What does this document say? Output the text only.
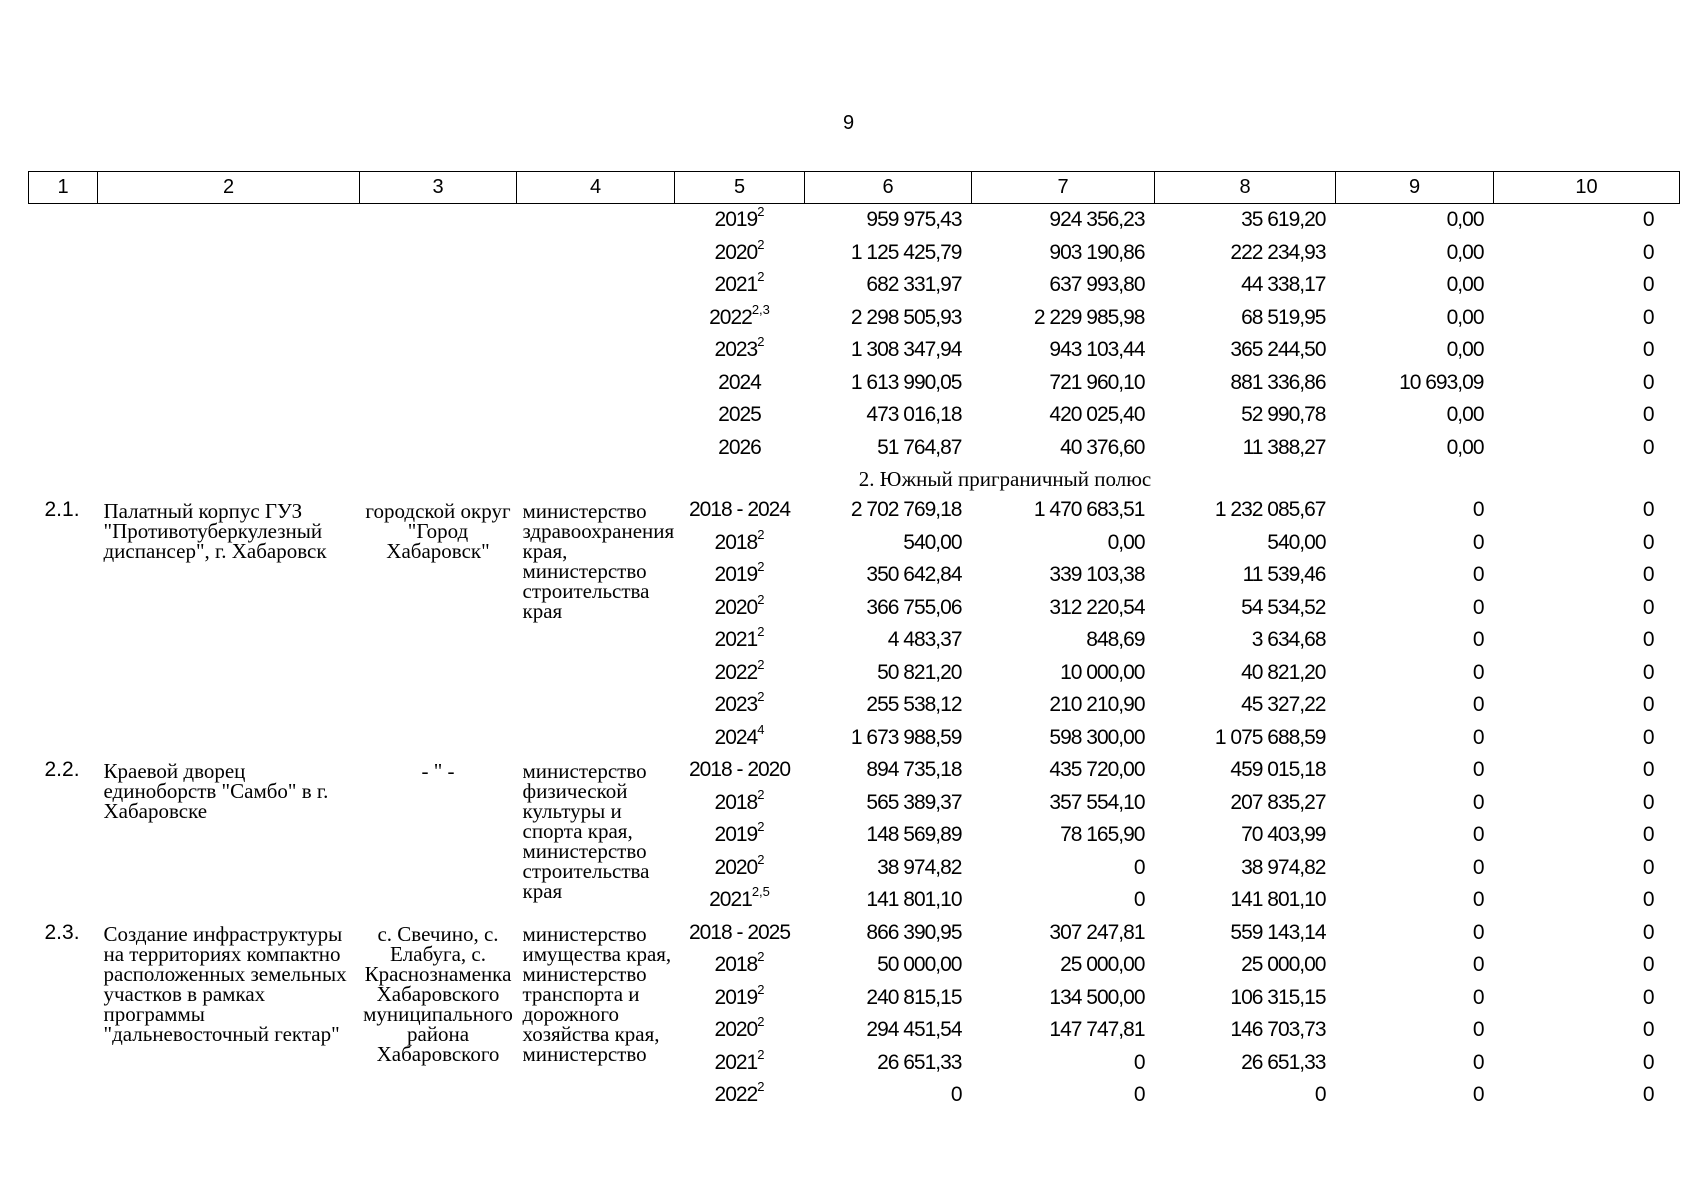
9
1	2	3	4	5	6	7	8	9	10
				2019$^2$	959 975,43	924 356,23	35 619,20	0,00	0
				2020$^2$	1 125 425,79	903 190,86	222 234,93	0,00	0
				2021$^2$	682 331,97	637 993,80	44 338,17	0,00	0
				2022$^{2,3}$	2 298 505,93	2 229 985,98	68 519,95	0,00	0
				2023$^2$	1 308 347,94	943 103,44	365 244,50	0,00	0
				2024	1 613 990,05	721 960,10	881 336,86	10 693,09	0
				2025	473 016,18	420 025,40	52 990,78	0,00	0
				2026	51 764,87	40 376,60	11 388,27	0,00	0
				2. Южный приграничный полюс					
2.1.	Палатный корпус ГУЗ "Противотуберкулезный диспансер", г. Хабаровск	городской округ "Город Хабаровск"	министерство здравоохранения края, министерство строительства края	2018 - 2024	2 702 769,18	1 470 683,51	1 232 085,67	0	0
				2018$^2$	540,00	0,00	540,00	0	0
				2019$^2$	350 642,84	339 103,38	11 539,46	0	0
				2020$^2$	366 755,06	312 220,54	54 534,52	0	0
				2021$^2$	4 483,37	848,69	3 634,68	0	0
				2022$^2$	50 821,20	10 000,00	40 821,20	0	0
				2023$^2$	255 538,12	210 210,90	45 327,22	0	0
				2024$^4$	1 673 988,59	598 300,00	1 075 688,59	0	0
2.2.	Краевой дворец единоборств "Самбо" в г. Хабаровске	- " -	министерство физической культуры и спорта края, министерство строительства края	2018 - 2020	894 735,18	435 720,00	459 015,18	0	0
				2018$^2$	565 389,37	357 554,10	207 835,27	0	0
				2019$^2$	148 569,89	78 165,90	70 403,99	0	0
				2020$^2$	38 974,82	0	38 974,82	0	0
				2021$^{2,5}$	141 801,10	0	141 801,10	0	0
2.3.	Создание инфраструктуры на территориях компактно расположенных земельных участков в рамках программы "дальневосточный гектар"	с. Свечино, с. Елабуга, с. Краснознаменка Хабаровского муниципального района Хабаровского	министерство имущества края, министерство транспорта и дорожного хозяйства края, министерство	2018 - 2025	866 390,95	307 247,81	559 143,14	0	0
				2018$^2$	50 000,00	25 000,00	25 000,00	0	0
				2019$^2$	240 815,15	134 500,00	106 315,15	0	0
				2020$^2$	294 451,54	147 747,81	146 703,73	0	0
				2021$^2$	26 651,33	0	26 651,33	0	0
				2022$^2$	0	0	0	0	0
